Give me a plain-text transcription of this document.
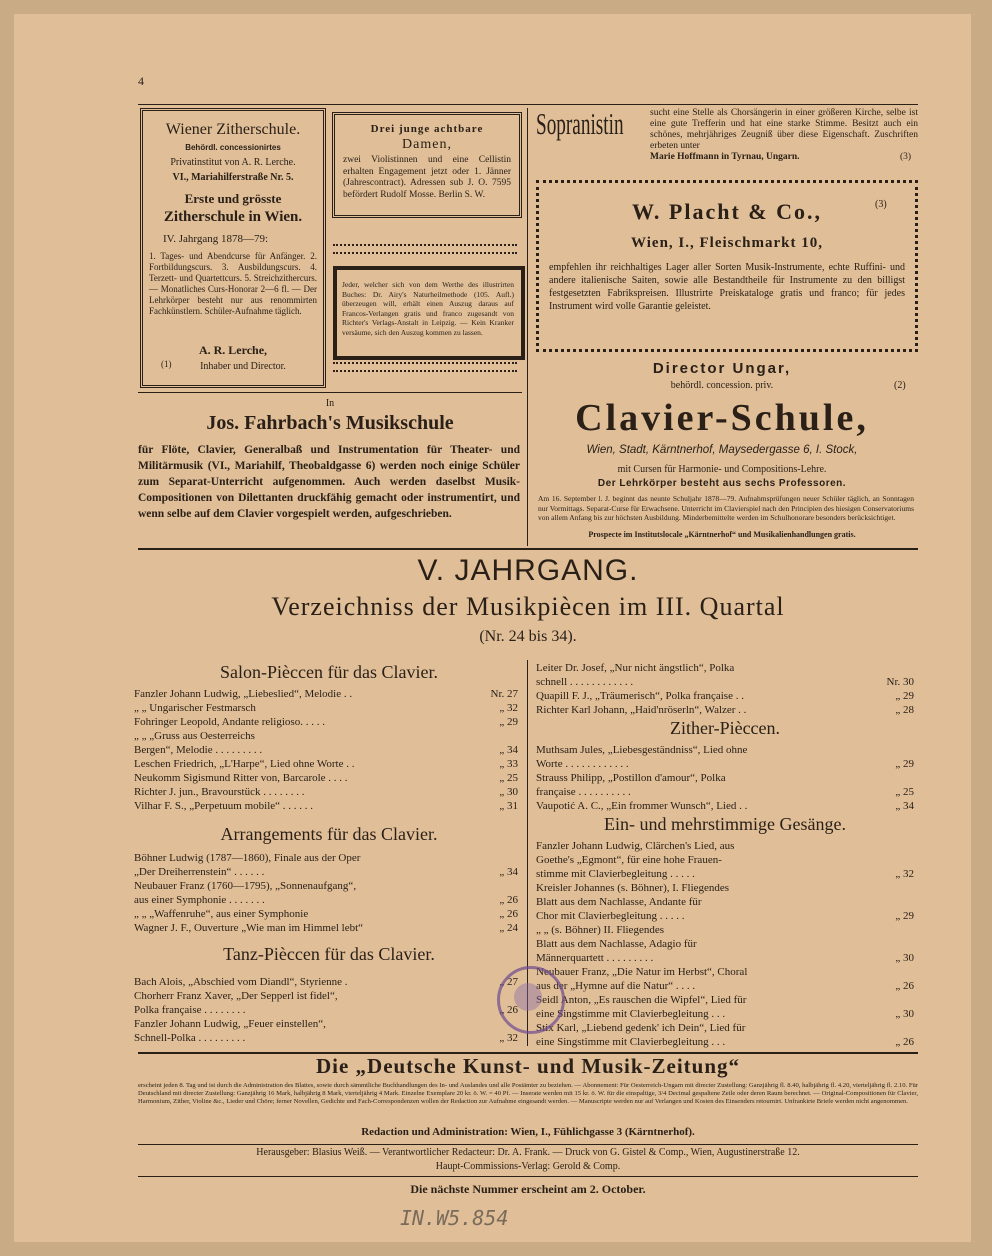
4
Wiener Zitherschule.
Behördl. concessionirtes
Privatinstitut von A. R. Lerche.
VI., Mariahilferstraße Nr. 5.
Erste und grösste
Zitherschule in Wien.
IV. Jahrgang 1878—79:
1. Tages- und Abendcurse für Anfänger. 2. Fortbildungscurs. 3. Ausbildungscurs. 4. Terzett- und Quartettcurs. 5. Streichzithercurs. — Monatliches Curs-Honorar 2—6 fl. — Der Lehrkörper besteht nur aus renommirten Fachkünstlern. Schüler-Aufnahme täglich.
A. R. Lerche,
(1)	Inhaber und Director.
Drei junge achtbare
Damen,
zwei Violistinnen und eine Cellistin erhalten Engagement jetzt oder 1. Jänner (Jahrescontract). Adressen sub J. O. 7595 befördert Rudolf Mosse. Berlin S. W.
Jeder, welcher sich von dem Werthe des illustrirten Buches: Dr. Airy's Naturheilmethode (105. Aufl.) überzeugen will, erhält einen Auszug daraus auf Francos-Verlangen gratis und franco zugesandt von Richter's Verlags-Anstalt in Leipzig. — Kein Kranker versäume, sich den Auszug kommen zu lassen.
Sopranistin	sucht eine Stelle als Chorsängerin in einer größeren Kirche, selbe ist eine gute Trefferin und hat eine starke Stimme. Besitzt auch ein schönes, mehrjähriges Zeugniß über diese Eigenschaft. Zuschriften erbeten unter
Marie Hoffmann in Tyrnau, Ungarn.	(3)
W. Placht & Co.,	(3)
Wien, I., Fleischmarkt 10,
empfehlen ihr reichhaltiges Lager aller Sorten Musik-Instrumente, echte Ruffini- und andere italienische Saiten, sowie alle Bestandtheile für Instrumente zu den billigst festgesetzten Fabrikspreisen. Illustrirte Preiskataloge gratis und franco; für jedes Instrument wird volle Garantie geleistet.
In
Jos. Fahrbach's Musikschule
für Flöte, Clavier, Generalbaß und Instrumentation für Theater- und Militärmusik (VI., Mariahilf, Theobaldgasse 6) werden noch einige Schüler zum Separat-Unterricht aufgenommen. Auch werden daselbst Musik-Compositionen von Dilettanten druckfähig gemacht oder instrumentirt, und wenn selbe auf dem Clavier vorgespielt werden, aufgeschrieben.
Director Ungar,
behördl. concession. priv.	(2)
Clavier-Schule,
Wien, Stadt, Kärntnerhof, Maysedergasse 6, I. Stock,
mit Cursen für Harmonie- und Compositions-Lehre.
Der Lehrkörper besteht aus sechs Professoren.
Am 16. September l. J. beginnt das neunte Schuljahr 1878—79. Aufnahmsprüfungen neuer Schüler täglich, an Sonntagen nur Vormittags. Separat-Curse für Erwachsene. Unterricht im Clavierspiel nach den Principien des hiesigen Conservatoriums von allem Anfang bis zur höchsten Ausbildung. Minderbemittelte werden im Schulhonorare besonders berücksichtiget.
Prospecte im Institutslocale „Kärntnerhof“ und Musikalienhandlungen gratis.
V. JAHRGANG.
Verzeichniss der Musikpiècen im III. Quartal
(Nr. 24 bis 34).
Salon-Pièccen für das Clavier.
Fanzler Johann Ludwig, „Liebeslied“, Melodie . .	Nr. 27
„ „ Ungarischer Festmarsch	„ 32
Fohringer Leopold, Andante religioso. . . . .	„ 29
„ „ „Gruss aus Oesterreichs
Bergen“, Melodie . . . . . . . . .	„ 34
Leschen Friedrich, „L'Harpe“, Lied ohne Worte . .	„ 33
Neukomm Sigismund Ritter von, Barcarole . . . .	„ 25
Richter J. jun., Bravourstück . . . . . . . .	„ 30
Vilhar F. S., „Perpetuum mobile“ . . . . . .	„ 31
Arrangements für das Clavier.
Böhner Ludwig (1787—1860), Finale aus der Oper
„Der Dreiherrenstein“ . . . . . .	„ 34
Neubauer Franz (1760—1795), „Sonnenaufgang“,
aus einer Symphonie . . . . . . .	„ 26
„ „ „Waffenruhe“, aus einer Symphonie	„ 26
Wagner J. F., Ouverture „Wie man im Himmel lebt“	„ 24
Tanz-Pièccen für das Clavier.
Bach Alois, „Abschied vom Diandl“, Styrienne .	„ 27
Chorherr Franz Xaver, „Der Sepperl ist fidel“,
Polka française . . . . . . . .	„ 26
Fanzler Johann Ludwig, „Feuer einstellen“,
Schnell-Polka . . . . . . . . .	„ 32
Leiter Dr. Josef, „Nur nicht ängstlich“, Polka
schnell . . . . . . . . . . . .	Nr. 30
Quapill F. J., „Träumerisch“, Polka française . .	„ 29
Richter Karl Johann, „Haid'nröserln“, Walzer . .	„ 28
Zither-Pièccen.
Muthsam Jules, „Liebesgeständniss“, Lied ohne
Worte . . . . . . . . . . . .	„ 29
Strauss Philipp, „Postillon d'amour“, Polka
française . . . . . . . . . .	„ 25
Vaupotić A. C., „Ein frommer Wunsch“, Lied . .	„ 34
Ein- und mehrstimmige Gesänge.
Fanzler Johann Ludwig, Clärchen's Lied, aus
Goethe's „Egmont“, für eine hohe Frauen-
stimme mit Clavierbegleitung . . . . .	„ 32
Kreisler Johannes (s. Böhner), I. Fliegendes
Blatt aus dem Nachlasse, Andante für
Chor mit Clavierbegleitung . . . . .	„ 29
„ „ (s. Böhner) II. Fliegendes
Blatt aus dem Nachlasse, Adagio für
Männerquartett . . . . . . . . .	„ 30
Neubauer Franz, „Die Natur im Herbst“, Choral
aus der „Hymne auf die Natur“ . . . .	„ 26
Seidl Anton, „Es rauschen die Wipfel“, Lied für
eine Singstimme mit Clavierbegleitung . . .	„ 30
Stix Karl, „Liebend gedenk' ich Dein“, Lied für
eine Singstimme mit Clavierbegleitung . . .	„ 26
Die „Deutsche Kunst- und Musik-Zeitung“
erscheint jeden 8. Tag und ist durch die Administration des Blattes, sowie durch sämmtliche Buchhandlungen des In- und Auslandes und alle Postämter zu beziehen. — Abonnement: Für Oesterreich-Ungarn mit directer Zustellung: Ganzjährig fl. 8.40, halbjährig fl. 4.20, vierteljährig fl. 2.10. Für Deutschland mit directer Zustellung: Ganzjährig 16 Mark, halbjährig 8 Mark, vierteljährig 4 Mark. Einzelne Exemplare 20 kr. ö. W. = 40 Pf. — Inserate werden mit 15 kr. ö. W. für die einspaltige, 3/4 Decimal gespaltene Zeile oder deren Raum berechnet. — Original-Compositionen für Clavier, Harmonium, Zither, Violine &c., Lieder und Chöre; ferner Novellen, Gedichte und Fach-Correspondenzen wollen der Redaction zur Aufnahme eingesandt werden. — Manuscripte werden nur auf Verlangen und Kosten des Einsenders retournirt. Unfrankirte Briefe werden nicht angenommen.
Redaction und Administration: Wien, I., Fühlichgasse 3 (Kärntnerhof).
Herausgeber: Blasius Weiß. — Verantwortlicher Redacteur: Dr. A. Frank. — Druck von G. Gistel & Comp., Wien, Augustinerstraße 12.
Haupt-Commissions-Verlag: Gerold & Comp.
Die nächste Nummer erscheint am 2. October.
IN.W5.854
